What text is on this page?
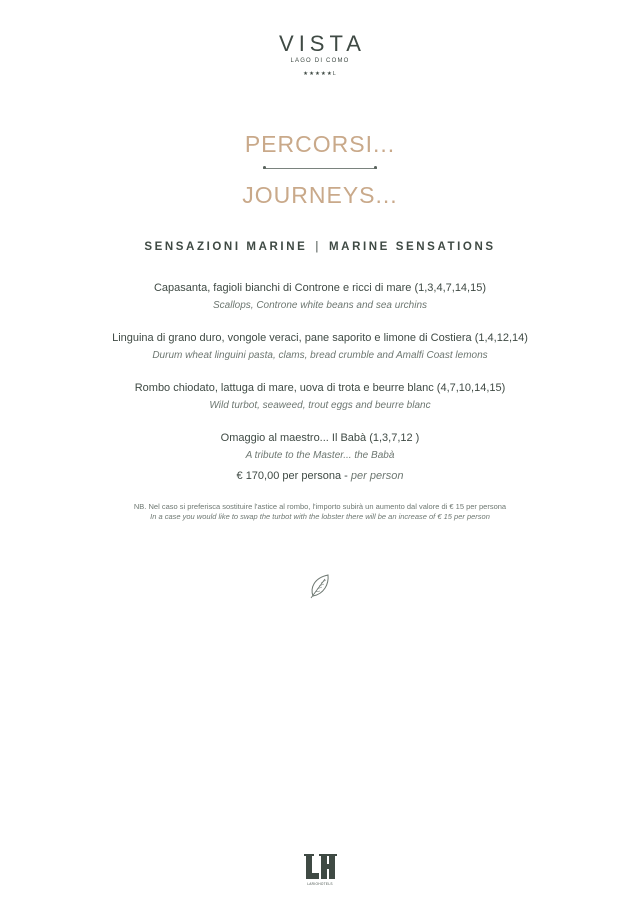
VISTA
LAGO DI COMO
★★★★★L
PERCORSI...
JOURNEYS...
SENSAZIONI MARINE | MARINE SENSATIONS
Capasanta, fagioli bianchi di Controne e ricci di mare (1,3,4,7,14,15)
Scallops, Controne white beans and sea urchins
Linguina di grano duro, vongole veraci, pane saporito e limone di Costiera (1,4,12,14)
Durum wheat linguini pasta, clams, bread crumble and Amalfi Coast lemons
Rombo chiodato, lattuga di mare, uova di trota e beurre blanc (4,7,10,14,15)
Wild turbot, seaweed, trout eggs and beurre blanc
Omaggio al maestro... Il Babà (1,3,7,12 )
A tribute to the Master... the Babà
€ 170,00 per persona - per person
NB. Nel caso si preferisca sostituire l'astice al rombo, l'importo subirà un aumento dal valore di € 15 per persona
In a case you would like to swap the turbot with the lobster there will be an increase of € 15 per person
LARIOHOTELS
